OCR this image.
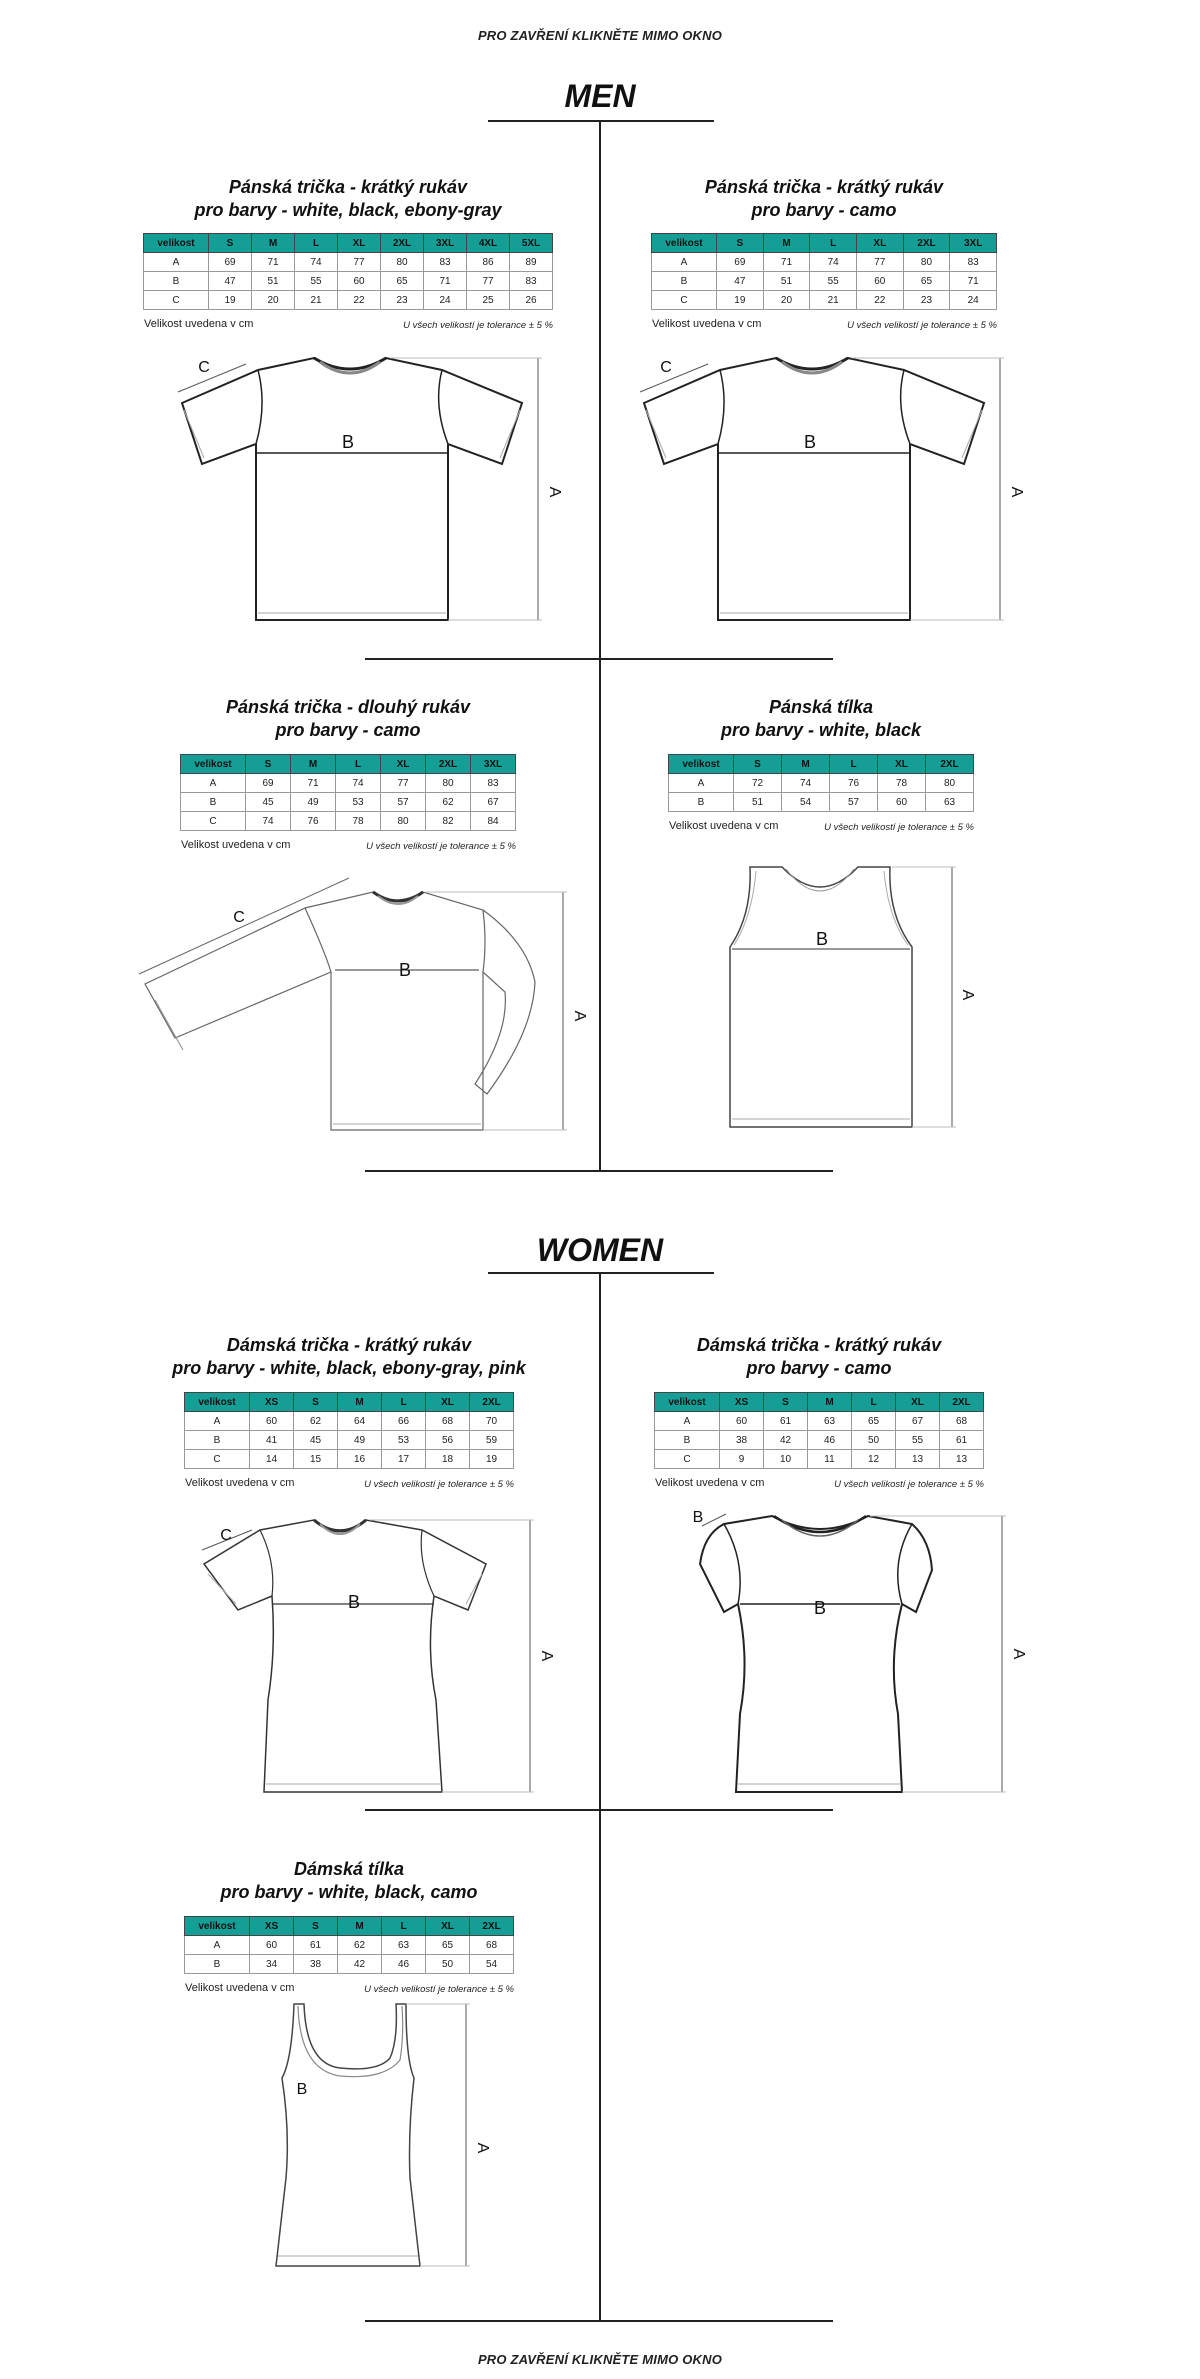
PRO ZAVŘENÍ KLIKNĚTE MIMO OKNO
PRO ZAVŘENÍ KLIKNĚTE MIMO OKNO
MEN
WOMEN
Pánská trička - krátký rukáv
pro barvy - white, black, ebony-gray
velikost	S	M	L	XL	2XL	3XL	4XL	5XL
A	69	71	74	77	80	83	86	89
B	47	51	55	60	65	71	77	83
C	19	20	21	22	23	24	25	26
Velikost uvedena v cm	U všech velikostí je tolerance ± 5 %
B
C
A
Pánská trička - krátký rukáv
pro barvy - camo
velikost	S	M	L	XL	2XL	3XL
A	69	71	74	77	80	83
B	47	51	55	60	65	71
C	19	20	21	22	23	24
Velikost uvedena v cm	U všech velikostí je tolerance ± 5 %
B
C
A
Pánská trička - dlouhý rukáv
pro barvy - camo
velikost	S	M	L	XL	2XL	3XL
A	69	71	74	77	80	83
B	45	49	53	57	62	67
C	74	76	78	80	82	84
Velikost uvedena v cm	U všech velikostí je tolerance ± 5 %
B
C
A
Pánská tílka
pro barvy - white, black
velikost	S	M	L	XL	2XL
A	72	74	76	78	80
B	51	54	57	60	63
Velikost uvedena v cm	U všech velikostí je tolerance ± 5 %
B
A
Dámská trička - krátký rukáv
pro barvy - white, black, ebony-gray, pink
velikost	XS	S	M	L	XL	2XL
A	60	62	64	66	68	70
B	41	45	49	53	56	59
C	14	15	16	17	18	19
Velikost uvedena v cm	U všech velikostí je tolerance ± 5 %
B
C
A
Dámská trička - krátký rukáv
pro barvy - camo
velikost	XS	S	M	L	XL	2XL
A	60	61	63	65	67	68
B	38	42	46	50	55	61
C	9	10	11	12	13	13
Velikost uvedena v cm	U všech velikostí je tolerance ± 5 %
B
B
A
Dámská tílka
pro barvy - white, black, camo
velikost	XS	S	M	L	XL	2XL
A	60	61	62	63	65	68
B	34	38	42	46	50	54
Velikost uvedena v cm	U všech velikostí je tolerance ± 5 %
B
A
